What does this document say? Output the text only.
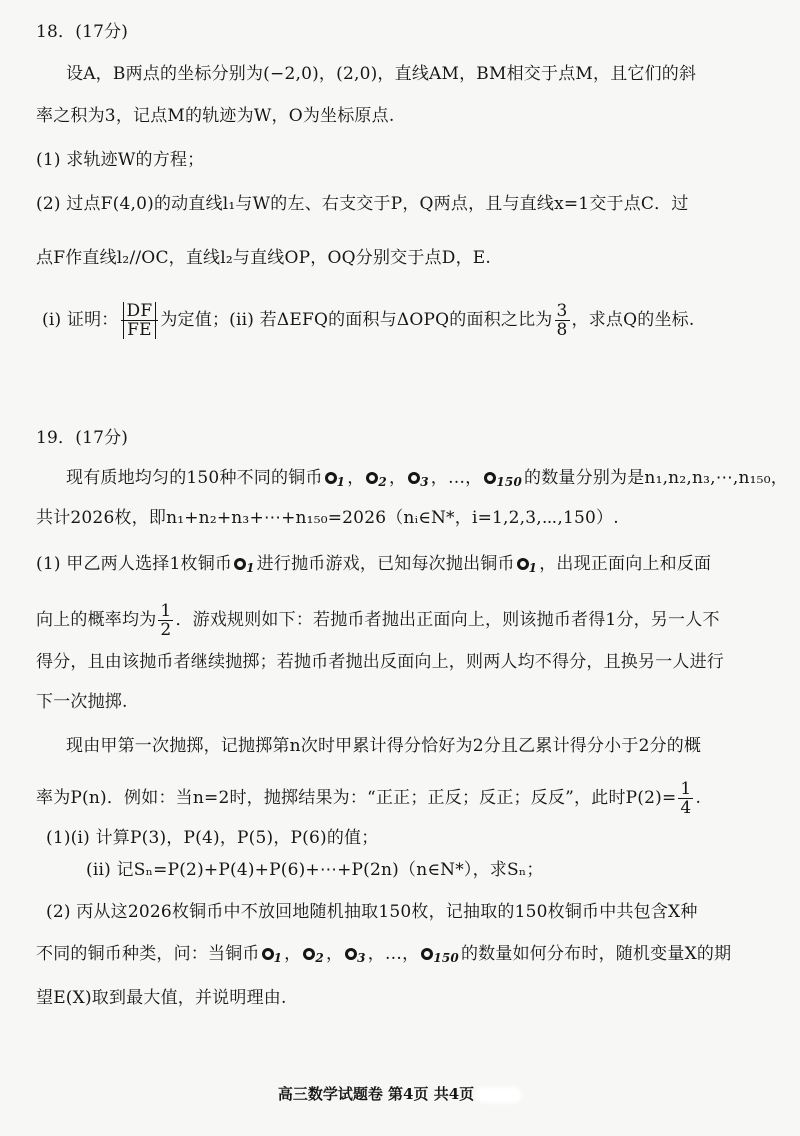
18．(17分)
设A，B两点的坐标分别为(−2,0)，(2,0)，直线AM，BM相交于点M，且它们的斜
率之积为3，记点M的轨迹为W，O为坐标原点.
(1) 求轨迹W的方程；
(2) 过点F(4,0)的动直线l₁与W的左、右支交于P，Q两点，且与直线x=1交于点C．过
点F作直线l₂//OC，直线l₂与直线OP，OQ分别交于点D，E.
(i) 证明： $\frac{DF}{FE}$ 为定值；(ii) 若ΔEFQ的面积与ΔOPQ的面积之比为 $\frac{3}{8}$ ，求点Q的坐标.
19．(17分)
现有质地均匀的150种不同的铜币 1 ， 2 ， 3 ，…， 150 的数量分别为是n₁,n₂,n₃,⋯,n₁₅₀，
共计2026枚，即n₁+n₂+n₃+⋯+n₁₅₀=2026（nᵢ∈N*，i=1,2,3,⋯,150）.
(1) 甲乙两人选择1枚铜币 1 进行抛币游戏，已知每次抛出铜币 1 ，出现正面向上和反面
向上的概率均为 $\frac{1}{2}$ ．游戏规则如下：若抛币者抛出正面向上，则该抛币者得1分，另一人不
得分，且由该抛币者继续抛掷；若抛币者抛出反面向上，则两人均不得分，且换另一人进行
下一次抛掷.
现由甲第一次抛掷，记抛掷第n次时甲累计得分恰好为2分且乙累计得分小于2分的概
率为P(n)．例如：当n=2时，抛掷结果为：“正正；正反；反正；反反”，此时$P(2)= \frac{1}{4}$ .
(1)(i) 计算P(3)，P(4)，P(5)，P(6)的值；
(ii) 记Sₙ=P(2)+P(4)+P(6)+⋯+P(2n)（n∈N*），求Sₙ；
(2) 丙从这2026枚铜币中不放回地随机抽取150枚，记抽取的150枚铜币中共包含X种
不同的铜币种类，问：当铜币 1 ， 2 ， 3 ，…， 150 的数量如何分布时，随机变量X的期
望E(X)取到最大值，并说明理由.
高三数学试题卷 第4页 共4页
